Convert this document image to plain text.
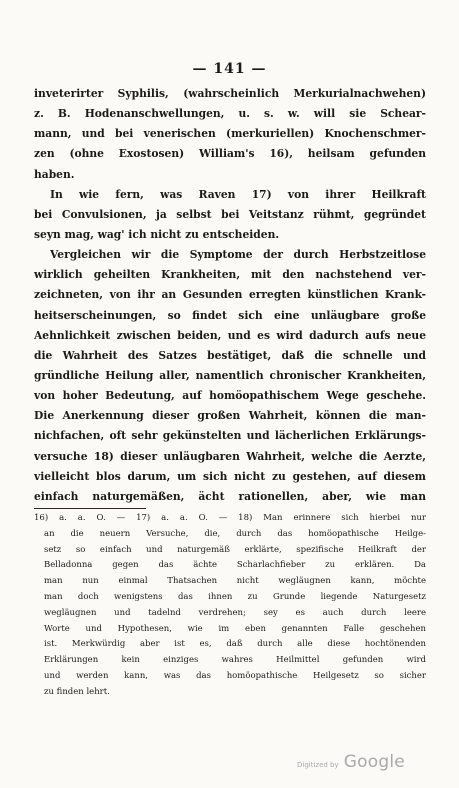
— 141 —
inveterirter Syphilis, (wahrscheinlich Merkurialnachwehen)
z. B. Hodenanschwellungen, u. s. w. will sie Schear-
mann, und bei venerischen (merkuriellen) Knochenschmer-
zen (ohne Exostosen) William's 16), heilsam gefunden
haben.
In wie fern, was Raven 17) von ihrer Heilkraft
bei Convulsionen, ja selbst bei Veitstanz rühmt, gegründet
seyn mag, wag' ich nicht zu entscheiden.
Vergleichen wir die Symptome der durch Herbstzeitlose
wirklich geheilten Krankheiten, mit den nachstehend ver-
zeichneten, von ihr an Gesunden erregten künstlichen Krank-
heitserscheinungen, so findet sich eine unläugbare große
Aehnlichkeit zwischen beiden, und es wird dadurch aufs neue
die Wahrheit des Satzes bestätiget, daß die schnelle und
gründliche Heilung aller, namentlich chronischer Krankheiten,
von hoher Bedeutung, auf homöopathischem Wege geschehe.
Die Anerkennung dieser großen Wahrheit, können die man-
nichfachen, oft sehr gekünstelten und lächerlichen Erklärungs-
versuche 18) dieser unläugbaren Wahrheit, welche die Aerzte,
vielleicht blos darum, um sich nicht zu gestehen, auf diesem
einfach naturgemäßen, ächt rationellen, aber, wie man
16) a. a. O. — 17) a. a. O. — 18) Man erinnere sich hierbei nur
an die neuern Versuche, die, durch das homöopathische Heilge-
setz so einfach und naturgemäß erklärte, spezifische Heilkraft der
Belladonna gegen das ächte Scharlachfieber zu erklären. Da
man nun einmal Thatsachen nicht wegläugnen kann, möchte
man doch wenigstens das ihnen zu Grunde liegende Naturgesetz
wegläugnen und tadelnd verdrehen; sey es auch durch leere
Worte und Hypothesen, wie im eben genannten Falle geschehen
ist. Merkwürdig aber ist es, daß durch alle diese hochtönenden
Erklärungen kein einziges wahres Heilmittel gefunden wird
und werden kann, was das homöopathische Heilgesetz so sicher
zu finden lehrt.
Digitized by Google
